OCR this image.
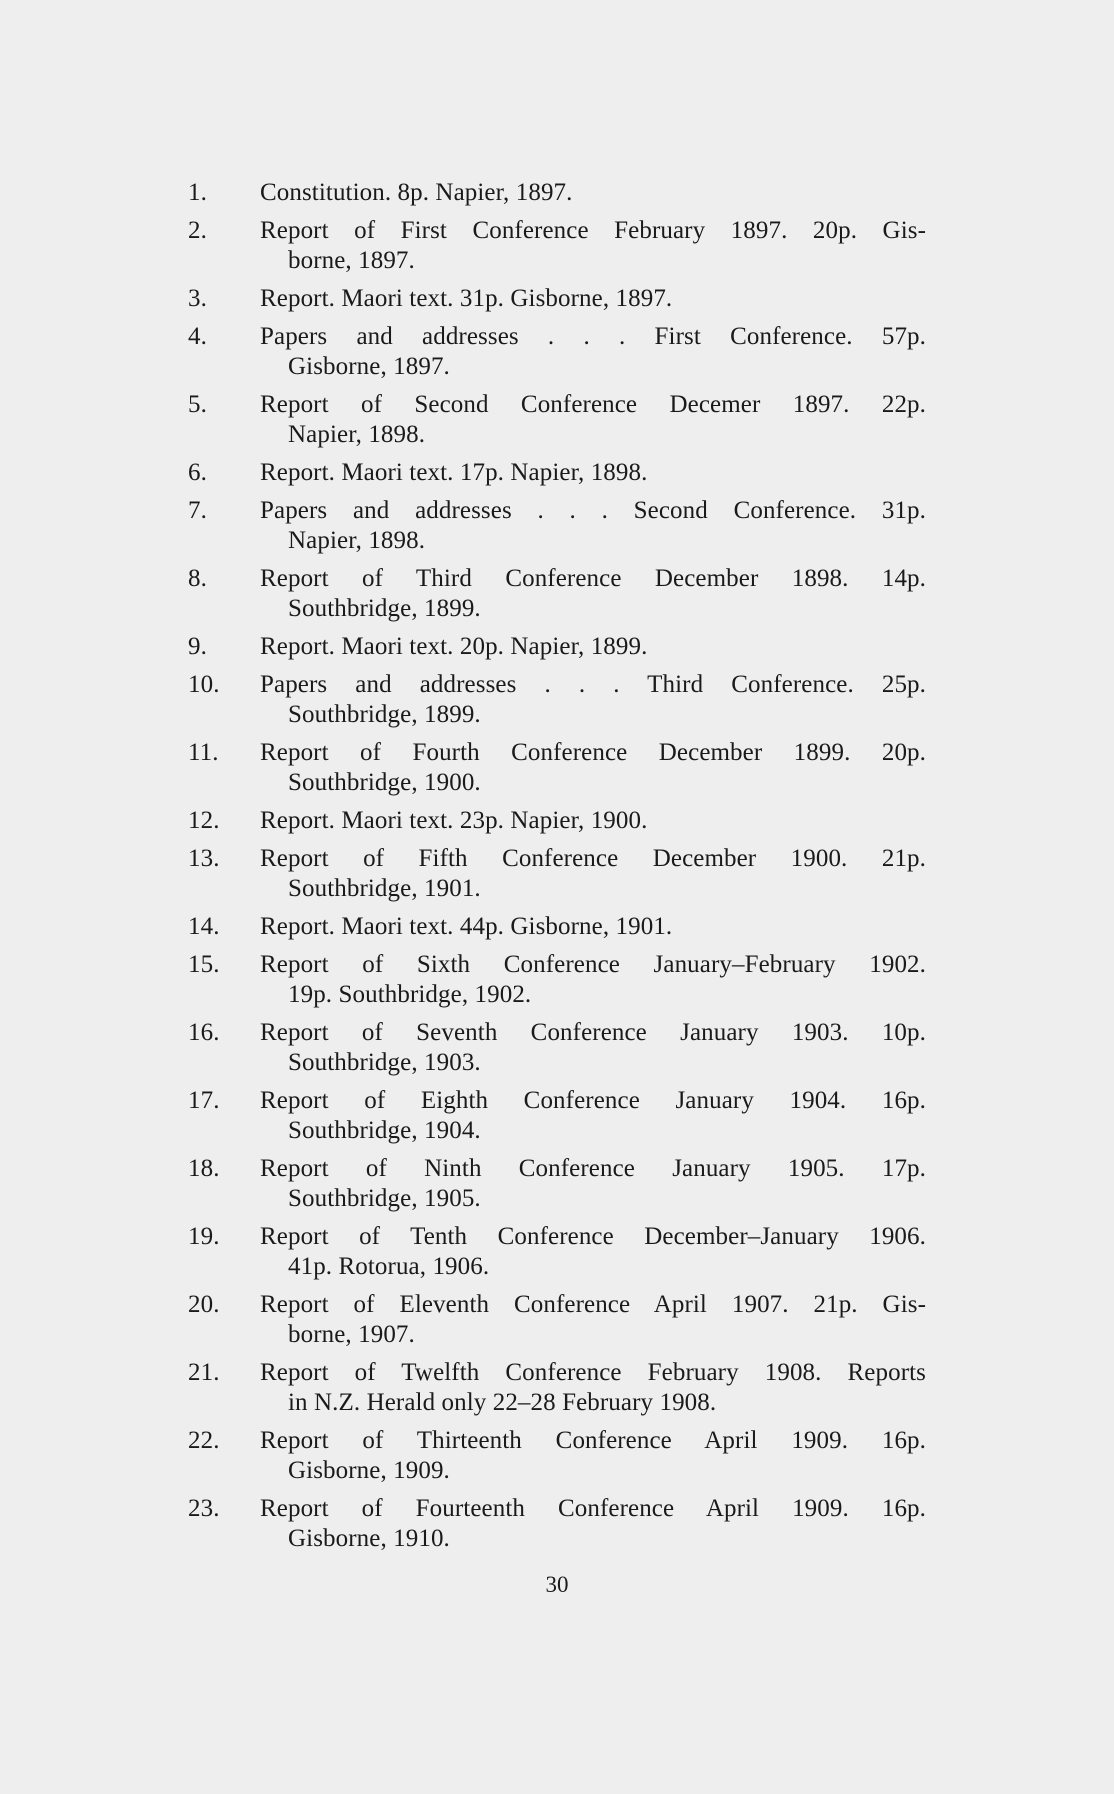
1.	Constitution. 8p. Napier, 1897.
2.	Report of First Conference February 1897. 20p. Gis-
borne, 1897.
3.	Report. Maori text. 31p. Gisborne, 1897.
4.	Papers and addresses . . . First Conference. 57p.
Gisborne, 1897.
5.	Report of Second Conference Decemer 1897. 22p.
Napier, 1898.
6.	Report. Maori text. 17p. Napier, 1898.
7.	Papers and addresses . . . Second Conference. 31p.
Napier, 1898.
8.	Report of Third Conference December 1898. 14p.
Southbridge, 1899.
9.	Report. Maori text. 20p. Napier, 1899.
10.	Papers and addresses . . . Third Conference. 25p.
Southbridge, 1899.
11.	Report of Fourth Conference December 1899. 20p.
Southbridge, 1900.
12.	Report. Maori text. 23p. Napier, 1900.
13.	Report of Fifth Conference December 1900. 21p.
Southbridge, 1901.
14.	Report. Maori text. 44p. Gisborne, 1901.
15.	Report of Sixth Conference January–February 1902.
19p. Southbridge, 1902.
16.	Report of Seventh Conference January 1903. 10p.
Southbridge, 1903.
17.	Report of Eighth Conference January 1904. 16p.
Southbridge, 1904.
18.	Report of Ninth Conference January 1905. 17p.
Southbridge, 1905.
19.	Report of Tenth Conference December–January 1906.
41p. Rotorua, 1906.
20.	Report of Eleventh Conference April 1907. 21p. Gis-
borne, 1907.
21.	Report of Twelfth Conference February 1908. Reports
in N.Z. Herald only 22–28 February 1908.
22.	Report of Thirteenth Conference April 1909. 16p.
Gisborne, 1909.
23.	Report of Fourteenth Conference April 1909. 16p.
Gisborne, 1910.
30
